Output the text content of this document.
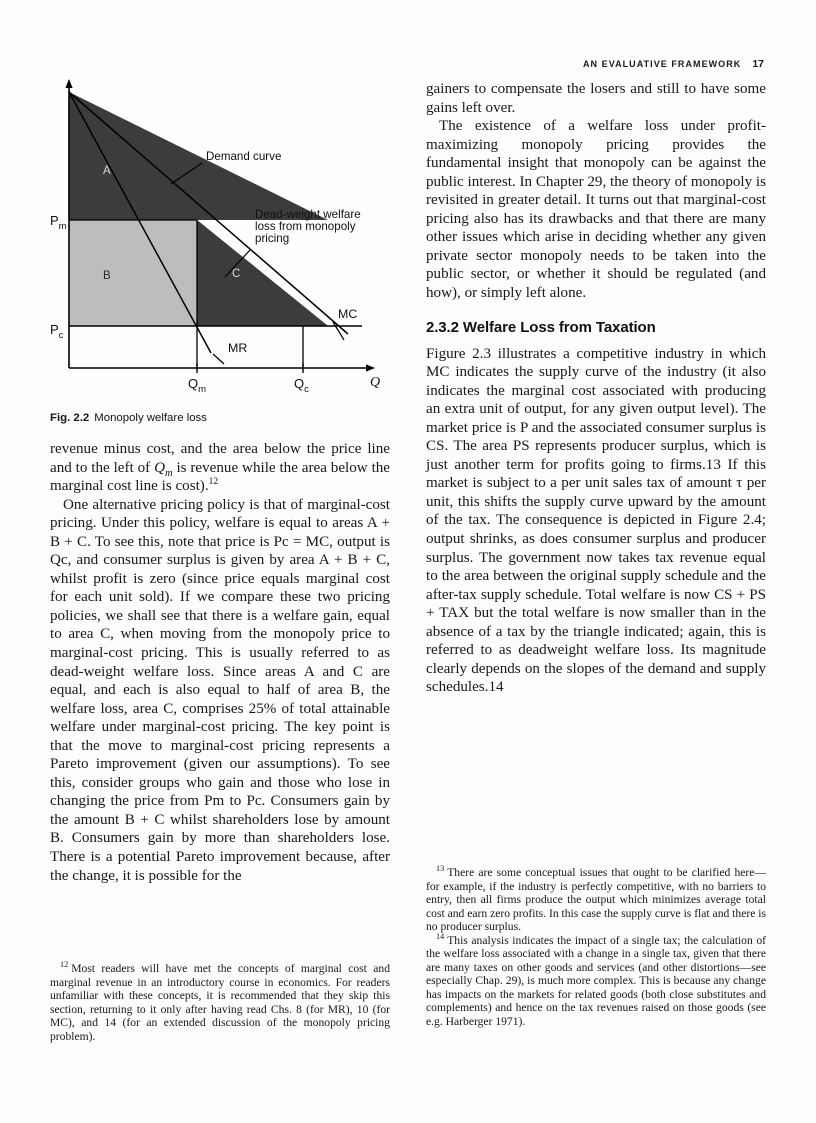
AN EVALUATIVE FRAMEWORK 17
A
B	C
Demand curve
Dead-weight welfare
loss from monopoly
pricing
MC
MR
$P_m$
$P_c$
$Q_m$	$Q_c$	Q
Fig. 2.2 Monopoly welfare loss

revenue minus cost, and the area below the price line and to the left of $Q_m$ is revenue while the area below the marginal cost line is cost).$^{12}$

One alternative pricing policy is that of marginal-cost pricing. Under this policy, welfare is equal to areas A + B + C. To see this, note that price is Pc = MC, output is Qc, and consumer surplus is given by area A + B + C, whilst profit is zero (since price equals marginal cost for each unit sold). If we compare these two pricing policies, we shall see that there is a welfare gain, equal to area C, when moving from the monopoly price to marginal-cost pricing. This is usually referred to as dead-weight welfare loss. Since areas A and C are equal, and each is also equal to half of area B, the welfare loss, area C, comprises 25% of total attainable welfare under marginal-cost pricing. The key point is that the move to marginal-cost pricing represents a Pareto improvement (given our assumptions). To see this, consider groups who gain and those who lose in changing the price from Pm to Pc. Consumers gain by the amount B + C whilst shareholders lose by amount B. Consumers gain by more than shareholders lose. There is a potential Pareto improvement because, after the change, it is possible for the

$^{12}$ Most readers will have met the concepts of marginal cost and marginal revenue in an introductory course in economics. For readers unfamiliar with these concepts, it is recommended that they skip this section, returning to it only after having read Chs. 8 (for MR), 10 (for MC), and 14 (for an extended discussion of the monopoly pricing problem).

gainers to compensate the losers and still to have some gains left over.

The existence of a welfare loss under profit-maximizing monopoly pricing provides the fundamental insight that monopoly can be against the public interest. In Chapter 29, the theory of monopoly is revisited in greater detail. It turns out that marginal-cost pricing also has its drawbacks and that there are many other issues which arise in deciding whether any given private sector monopoly needs to be taken into the public sector, or whether it should be regulated (and how), or simply left alone.

2.3.2 Welfare Loss from Taxation

Figure 2.3 illustrates a competitive industry in which MC indicates the supply curve of the industry (it also indicates the marginal cost associated with producing an extra unit of output, for any given output level). The market price is P and the associated consumer surplus is CS. The area PS represents producer surplus, which is just another term for profits going to firms.13 If this market is subject to a per unit sales tax of amount τ per unit, this shifts the supply curve upward by the amount of the tax. The consequence is depicted in Figure 2.4; output shrinks, as does consumer surplus and producer surplus. The government now takes tax revenue equal to the area between the original supply schedule and the after-tax supply schedule. Total welfare is now CS + PS + TAX but the total welfare is now smaller than in the absence of a tax by the triangle indicated; again, this is referred to as deadweight welfare loss. Its magnitude clearly depends on the slopes of the demand and supply schedules.14

$^{13}$ There are some conceptual issues that ought to be clarified here—for example, if the industry is perfectly competitive, with no barriers to entry, then all firms produce the output which minimizes average total cost and earn zero profits. In this case the supply curve is flat and there is no producer surplus.

$^{14}$ This analysis indicates the impact of a single tax; the calculation of the welfare loss associated with a change in a single tax, given that there are many taxes on other goods and services (and other distortions—see especially Chap. 29), is much more complex. This is because any change has impacts on the markets for related goods (both close substitutes and complements) and hence on the tax revenues raised on those goods (see e.g. Harberger 1971).
